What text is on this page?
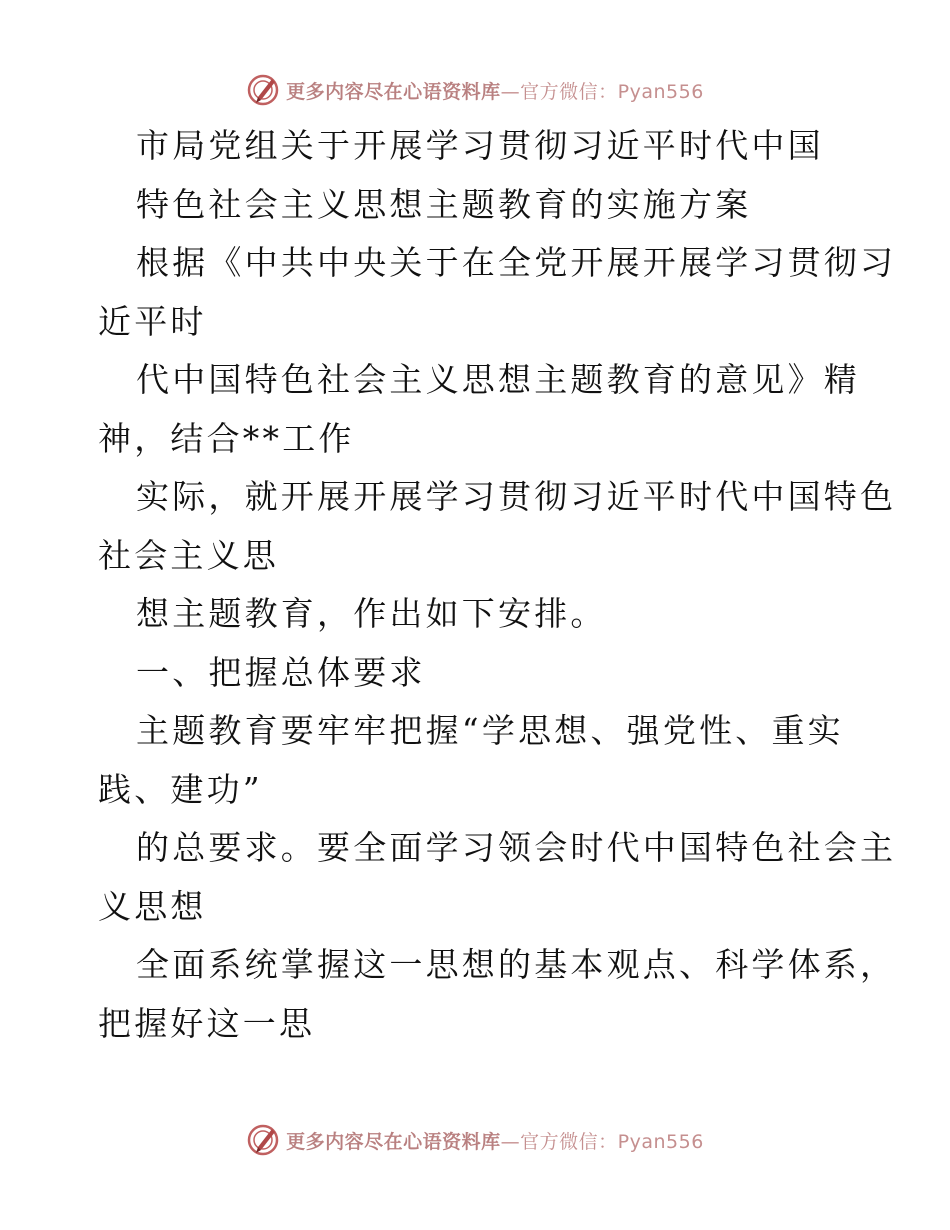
更多内容尽在心语资料库—官方微信：Pyan556
市局党组关于开展学习贯彻习近平时代中国
特色社会主义思想主题教育的实施方案
根据《中共中央关于在全党开展开展学习贯彻习
近平时
代中国特色社会主义思想主题教育的意见》精
神，结合**工作
实际，就开展开展学习贯彻习近平时代中国特色
社会主义思
想主题教育，作出如下安排。
一、把握总体要求
主题教育要牢牢把握“学思想、强党性、重实
践、建功”
的总要求。要全面学习领会时代中国特色社会主
义思想
全面系统掌握这一思想的基本观点、科学体系，
把握好这一思
更多内容尽在心语资料库—官方微信：Pyan556
